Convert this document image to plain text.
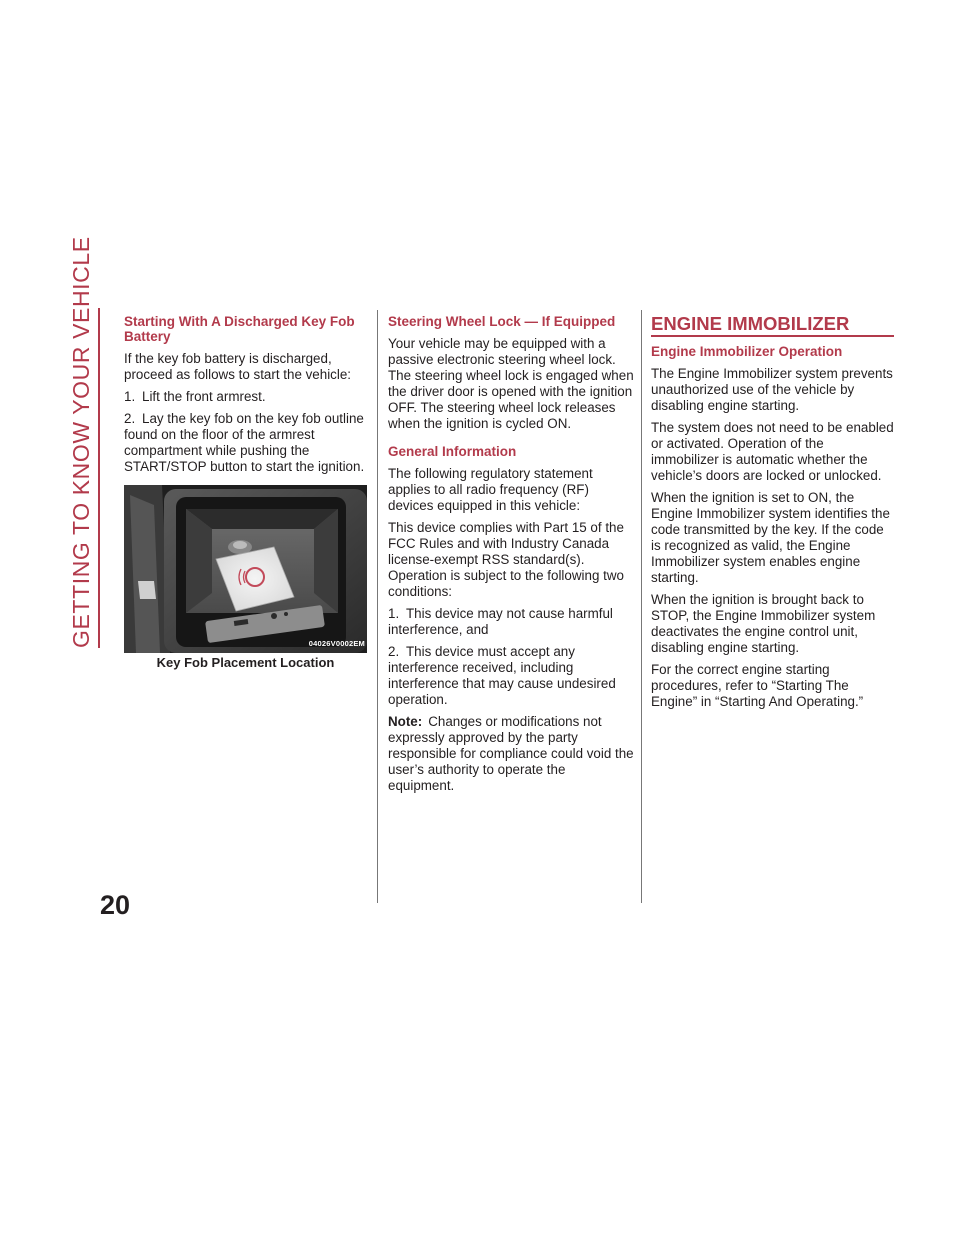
GETTING TO KNOW YOUR VEHICLE
20
Starting With A Discharged Key Fob Battery

If the key fob battery is discharged, proceed as follows to start the vehicle:

1. Lift the front armrest.
2. Lay the key fob on the key fob outline found on the floor of the armrest compartment while pushing the START/STOP button to start the ignition.
04026V0002EM
Key Fob Placement Location
Steering Wheel Lock — If Equipped

Your vehicle may be equipped with a passive electronic steering wheel lock. The steering wheel lock is engaged when the driver door is opened with the ignition OFF. The steering wheel lock releases when the ignition is cycled ON.

General Information

The following regulatory statement applies to all radio frequency (RF) devices equipped in this vehicle:

This device complies with Part 15 of the FCC Rules and with Industry Canada license-exempt RSS standard(s). Operation is subject to the following two conditions:

1. This device may not cause harmful interference, and
2. This device must accept any interference received, including interference that may cause undesired operation.

Note: Changes or modifications not expressly approved by the party responsible for compliance could void the user’s authority to operate the equipment.

ENGINE IMMOBILIZER
Engine Immobilizer Operation

The Engine Immobilizer system prevents unauthorized use of the vehicle by disabling engine starting.

The system does not need to be enabled or activated. Operation of the immobilizer is automatic whether the vehicle’s doors are locked or unlocked.

When the ignition is set to ON, the Engine Immobilizer system identifies the code transmitted by the key. If the code is recognized as valid, the Engine Immobilizer system enables engine starting.

When the ignition is brought back to STOP, the Engine Immobilizer system deactivates the engine control unit, disabling engine starting.

For the correct engine starting procedures, refer to “Starting The Engine” in “Starting And Operating.”
